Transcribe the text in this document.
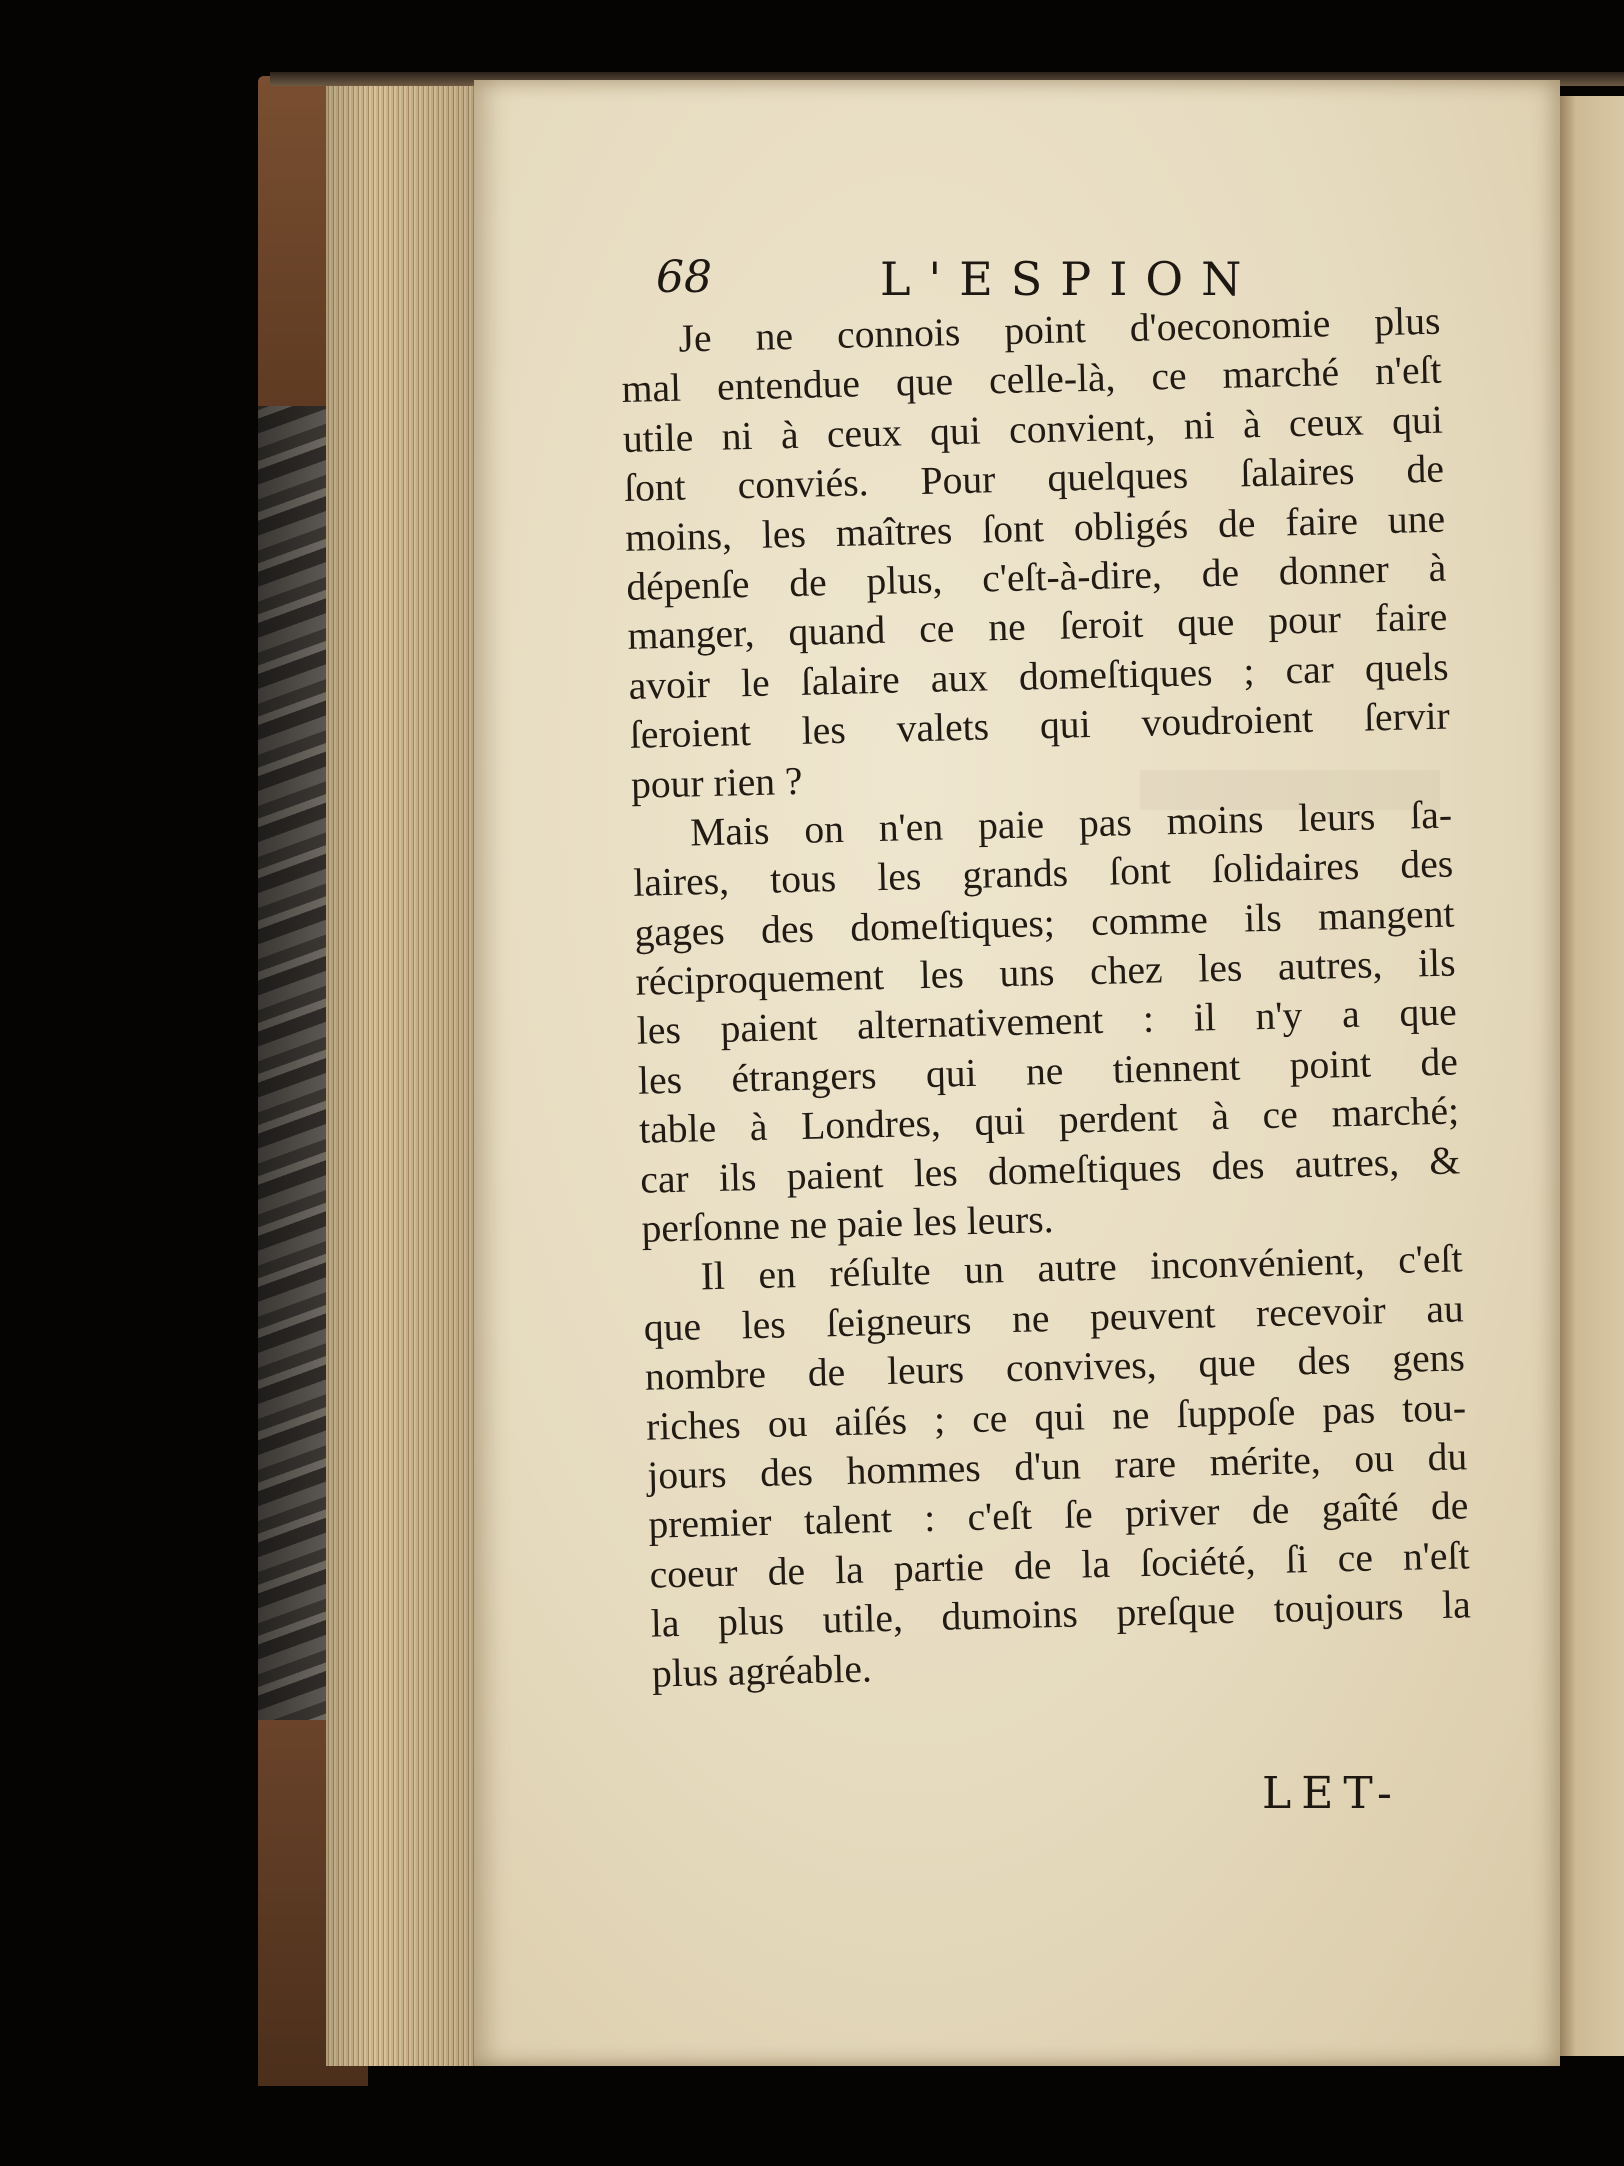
68	L'ESPION
Je ne connois point d'oeconomie plus
mal entendue que celle-là, ce marché n'eſt
utile ni à ceux qui convient, ni à ceux qui
ſont conviés. Pour quelques ſalaires de
moins, les maîtres ſont obligés de faire une
dépenſe de plus, c'eſt-à-dire, de donner à
manger, quand ce ne ſeroit que pour faire
avoir le ſalaire aux domeſtiques ; car quels
ſeroient les valets qui voudroient ſervir
pour rien ?
Mais on n'en paie pas moins leurs ſa-
laires, tous les grands ſont ſolidaires des
gages des domeſtiques; comme ils mangent
réciproquement les uns chez les autres, ils
les paient alternativement : il n'y a que
les étrangers qui ne tiennent point de
table à Londres, qui perdent à ce marché;
car ils paient les domeſtiques des autres, &
perſonne ne paie les leurs.
Il en réſulte un autre inconvénient, c'eſt
que les ſeigneurs ne peuvent recevoir au
nombre de leurs convives, que des gens
riches ou aiſés ; ce qui ne ſuppoſe pas tou-
jours des hommes d'un rare mérite, ou du
premier talent : c'eſt ſe priver de gaîté de
coeur de la partie de la ſociété, ſi ce n'eſt
la plus utile, dumoins preſque toujours la
plus agréable.
LET-
